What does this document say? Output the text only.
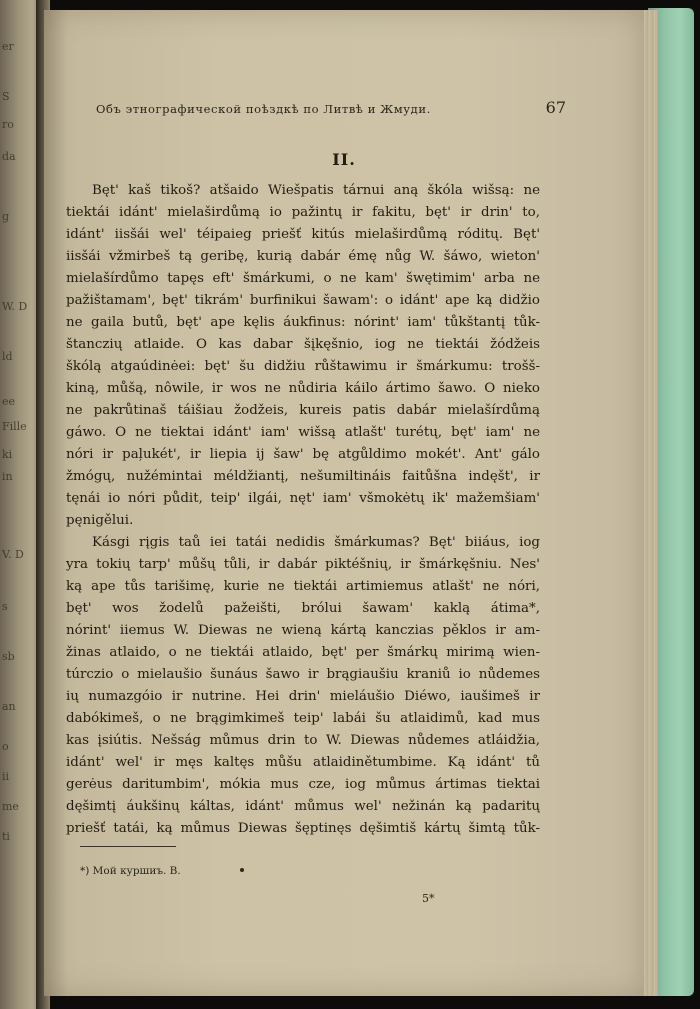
er
S
ro
da
g
W. D
ld
ee
Fille
ki
in
V. D
s
sb
an
o
ii
me
ti
Объ этнографической поѣздкѣ по Литвѣ и Жмуди.	67
II.
Bęt' kaš tikoš? atšaido Wiešpatis tárnui aną škóla wišsą: ne
tiektái idánt' mielaširdůmą io pažintų ir fakitu, bęt' ir drin' to,
idánt' iisšái wel' téipaieg priešť kitús mielaširdůmą róditų. Bęt'
iisšái vžmirbeš tą geribę, kurią dabár émę nůg W. šáwo, wieton'
mielašírdůmo tapęs eft' šmárkumi, o ne kam' šwętimim' arba ne
pažištamam', bęt' tikrám' burfinikui šawam': o idánt' ape ką didžio
ne gaila butů, bęt' ape kęlis áukfinus: nórint' iam' tůkštantį tůk-
štanczių atlaide. O kas dabar šįkęšnio, iog ne tiektái žódžeis
škólą atgaúdinėei: bęt' šu didžiu růštawimu ir šmárkumu: trošš-
kiną, můšą, nôwile, ir wos ne nůdiria káilo ártimo šawo. O nieko
ne pakrůtinaš táišiau žodžeis, kureis patis dabár mielašírdůmą
gáwo. O ne tiektai idánt' iam' wišsą atlašt' turétų, bęt' iam' ne
nóri ir paļukét', ir liepia ij šaw' bę atgůldimo mokét'. Ant' gálo
žmógų, nužémintai méldžiantį, nešumiltináis faitůšna indęšt', ir
tęnái io nóri půdit, teip' ilgái, nęt' iam' všmokėtų ik' mažemšiam'
pęnigělui.
Kásgi rįgis taů iei tatái nedidis šmárkumas? Bęt' biiáus, iog
yra tokių tarp' můšų tůli, ir dabár piktéšnių, ir šmárkęšniu. Nes'
ką ape tůs tarišimę, kurie ne tiektái artimiemus atlašt' ne nóri,
bęt' wos žodelů pažeišti, brólui šawam' kaklą átima*,
nórint' iiemus W. Diewas ne wieną kártą kanczias pěklos ir am-
žinas atlaido, o ne tiektái atlaido, bęt' per šmárkų mirimą wien-
túrczio o mielaušio šunáus šawo ir brągiaušiu kraniů io nůdemes
ių numazgóio ir nutrine. Hei drin' mieláušio Diéwo, iaušimeš ir
dabókimeš, o ne brągimkimeš teip' labái šu atlaidimů, kad mus
kas įsiútis. Nešság můmus drin to W. Diewas nůdemes atláidžia,
idánt' wel' ir męs kaltęs můšu atlaidinětumbime. Ką idánt' tů
gerėus daritumbim', mókia mus cze, iog můmus ártimas tiektai
dęšimtį áukšinų káltas, idánt' můmus wel' nežinán ką padaritų
priešť tatái, ką můmus Diewas šęptinęs dęšimtiš kártų šimtą tůk-
*) Мой куршиъ. В.
5*
